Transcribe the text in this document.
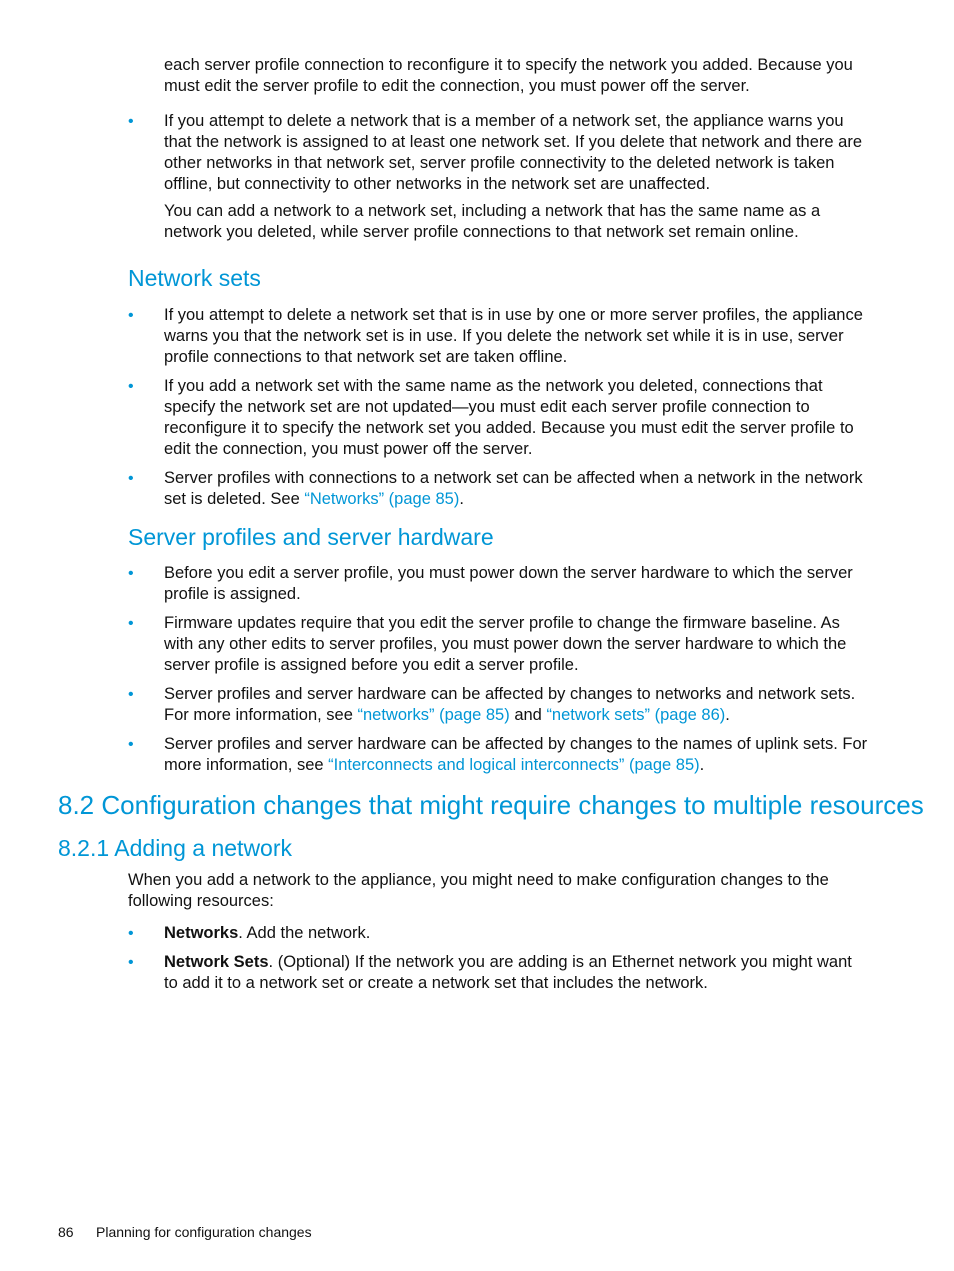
each server profile connection to reconfigure it to specify the network you added. Because you must edit the server profile to edit the connection, you must power off the server.

• If you attempt to delete a network that is a member of a network set, the appliance warns you that the network is assigned to at least one network set. If you delete that network and there are other networks in that network set, server profile connectivity to the deleted network is taken offline, but connectivity to other networks in the network set are unaffected.
You can add a network to a network set, including a network that has the same name as a network you deleted, while server profile connections to that network set remain online.
Network sets
• If you attempt to delete a network set that is in use by one or more server profiles, the appliance warns you that the network set is in use. If you delete the network set while it is in use, server profile connections to that network set are taken offline.
• If you add a network set with the same name as the network you deleted, connections that specify the network set are not updated—you must edit each server profile connection to reconfigure it to specify the network set you added. Because you must edit the server profile to edit the connection, you must power off the server.
• Server profiles with connections to a network set can be affected when a network in the network set is deleted. See “Networks” (page 85).
Server profiles and server hardware
• Before you edit a server profile, you must power down the server hardware to which the server profile is assigned.
• Firmware updates require that you edit the server profile to change the firmware baseline. As with any other edits to server profiles, you must power down the server hardware to which the server profile is assigned before you edit a server profile.
• Server profiles and server hardware can be affected by changes to networks and network sets. For more information, see “networks” (page 85) and “network sets” (page 86).
• Server profiles and server hardware can be affected by changes to the names of uplink sets. For more information, see “Interconnects and logical interconnects” (page 85).
8.2 Configuration changes that might require changes to multiple resources
8.2.1 Adding a network

When you add a network to the appliance, you might need to make configuration changes to the following resources:

• Networks. Add the network.
• Network Sets. (Optional) If the network you are adding is an Ethernet network you might want to add it to a network set or create a network set that includes the network.
86 Planning for configuration changes
